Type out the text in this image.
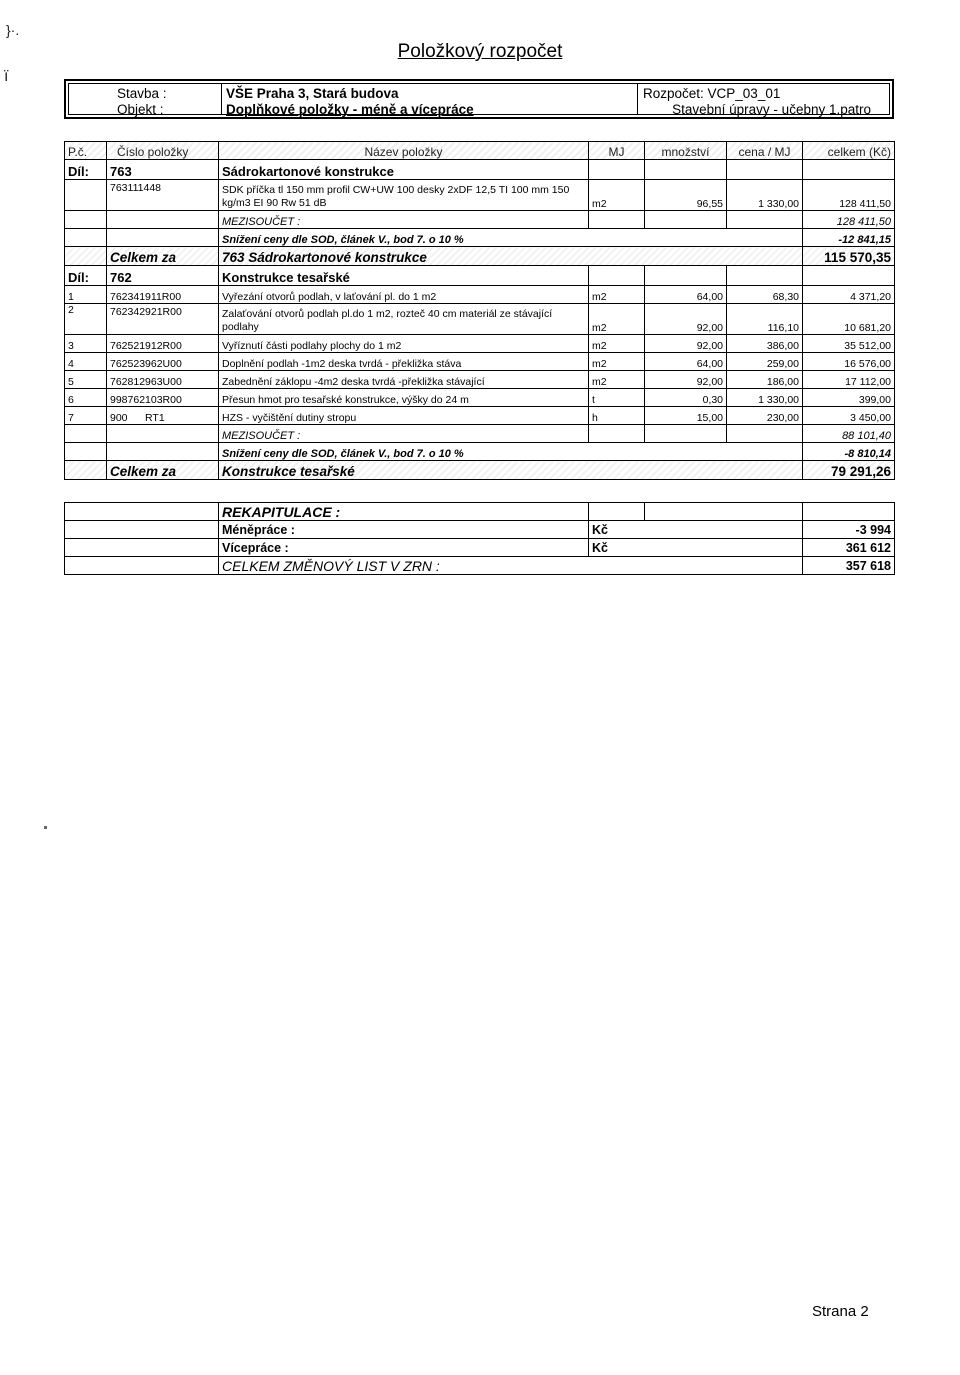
}·.
ï
Položkový rozpočet
Stavba :
Objekt :
VŠE Praha 3, Stará budova
Doplňkové položky - méně a vícepráce
Rozpočet: VCP_03_01
Stavební úpravy - učebny 1.patro
P.č.	Číslo položky	Název položky	MJ	množství	cena / MJ	celkem (Kč)
Díl:	763	Sádrokartonové konstrukce				
	763111448	SDK příčka tl 150 mm profil CW+UW 100 desky 2xDF 12,5 TI 100 mm 150 kg/m3 EI 90 Rw 51 dB	m2	96,55	1 330,00	128 411,50
		MEZISOUČET :				128 411,50
		Snížení ceny dle SOD, článek V., bod 7. o 10 %				-12 841,15
	Celkem za	763 Sádrokartonové konstrukce				115 570,35
Díl:	762	Konstrukce tesařské				
1	762341911R00	Vyřezání otvorů podlah, v laťování pl. do 1 m2	m2	64,00	68,30	4 371,20
2	762342921R00	Zalaťování otvorů podlah pl.do 1 m2, rozteč 40 cm materiál ze stávající podlahy	m2	92,00	116,10	10 681,20
3	762521912R00	Vyříznutí části podlahy plochy do 1 m2	m2	92,00	386,00	35 512,00
4	762523962U00	Doplnění podlah -1m2 deska tvrdá - překližka stáva	m2	64,00	259,00	16 576,00
5	762812963U00	Zabednění záklopu -4m2 deska tvrdá -překližka stávající	m2	92,00	186,00	17 112,00
6	998762103R00	Přesun hmot pro tesařské konstrukce, výšky do 24 m	t	0,30	1 330,00	399,00
7	900      RT1	HZS - vyčištění dutiny stropu	h	15,00	230,00	3 450,00
		MEZISOUČET :				88 101,40
		Snížení ceny dle SOD, článek V., bod 7. o 10 %				-8 810,14
	Celkem za	Konstrukce tesařské				79 291,26
	REKAPITULACE :			
	Méněpráce :	Kč		-3 994
	Vícepráce :	Kč		361 612
	CELKEM ZMĚNOVÝ LIST V ZRN :			357 618
Strana 2
